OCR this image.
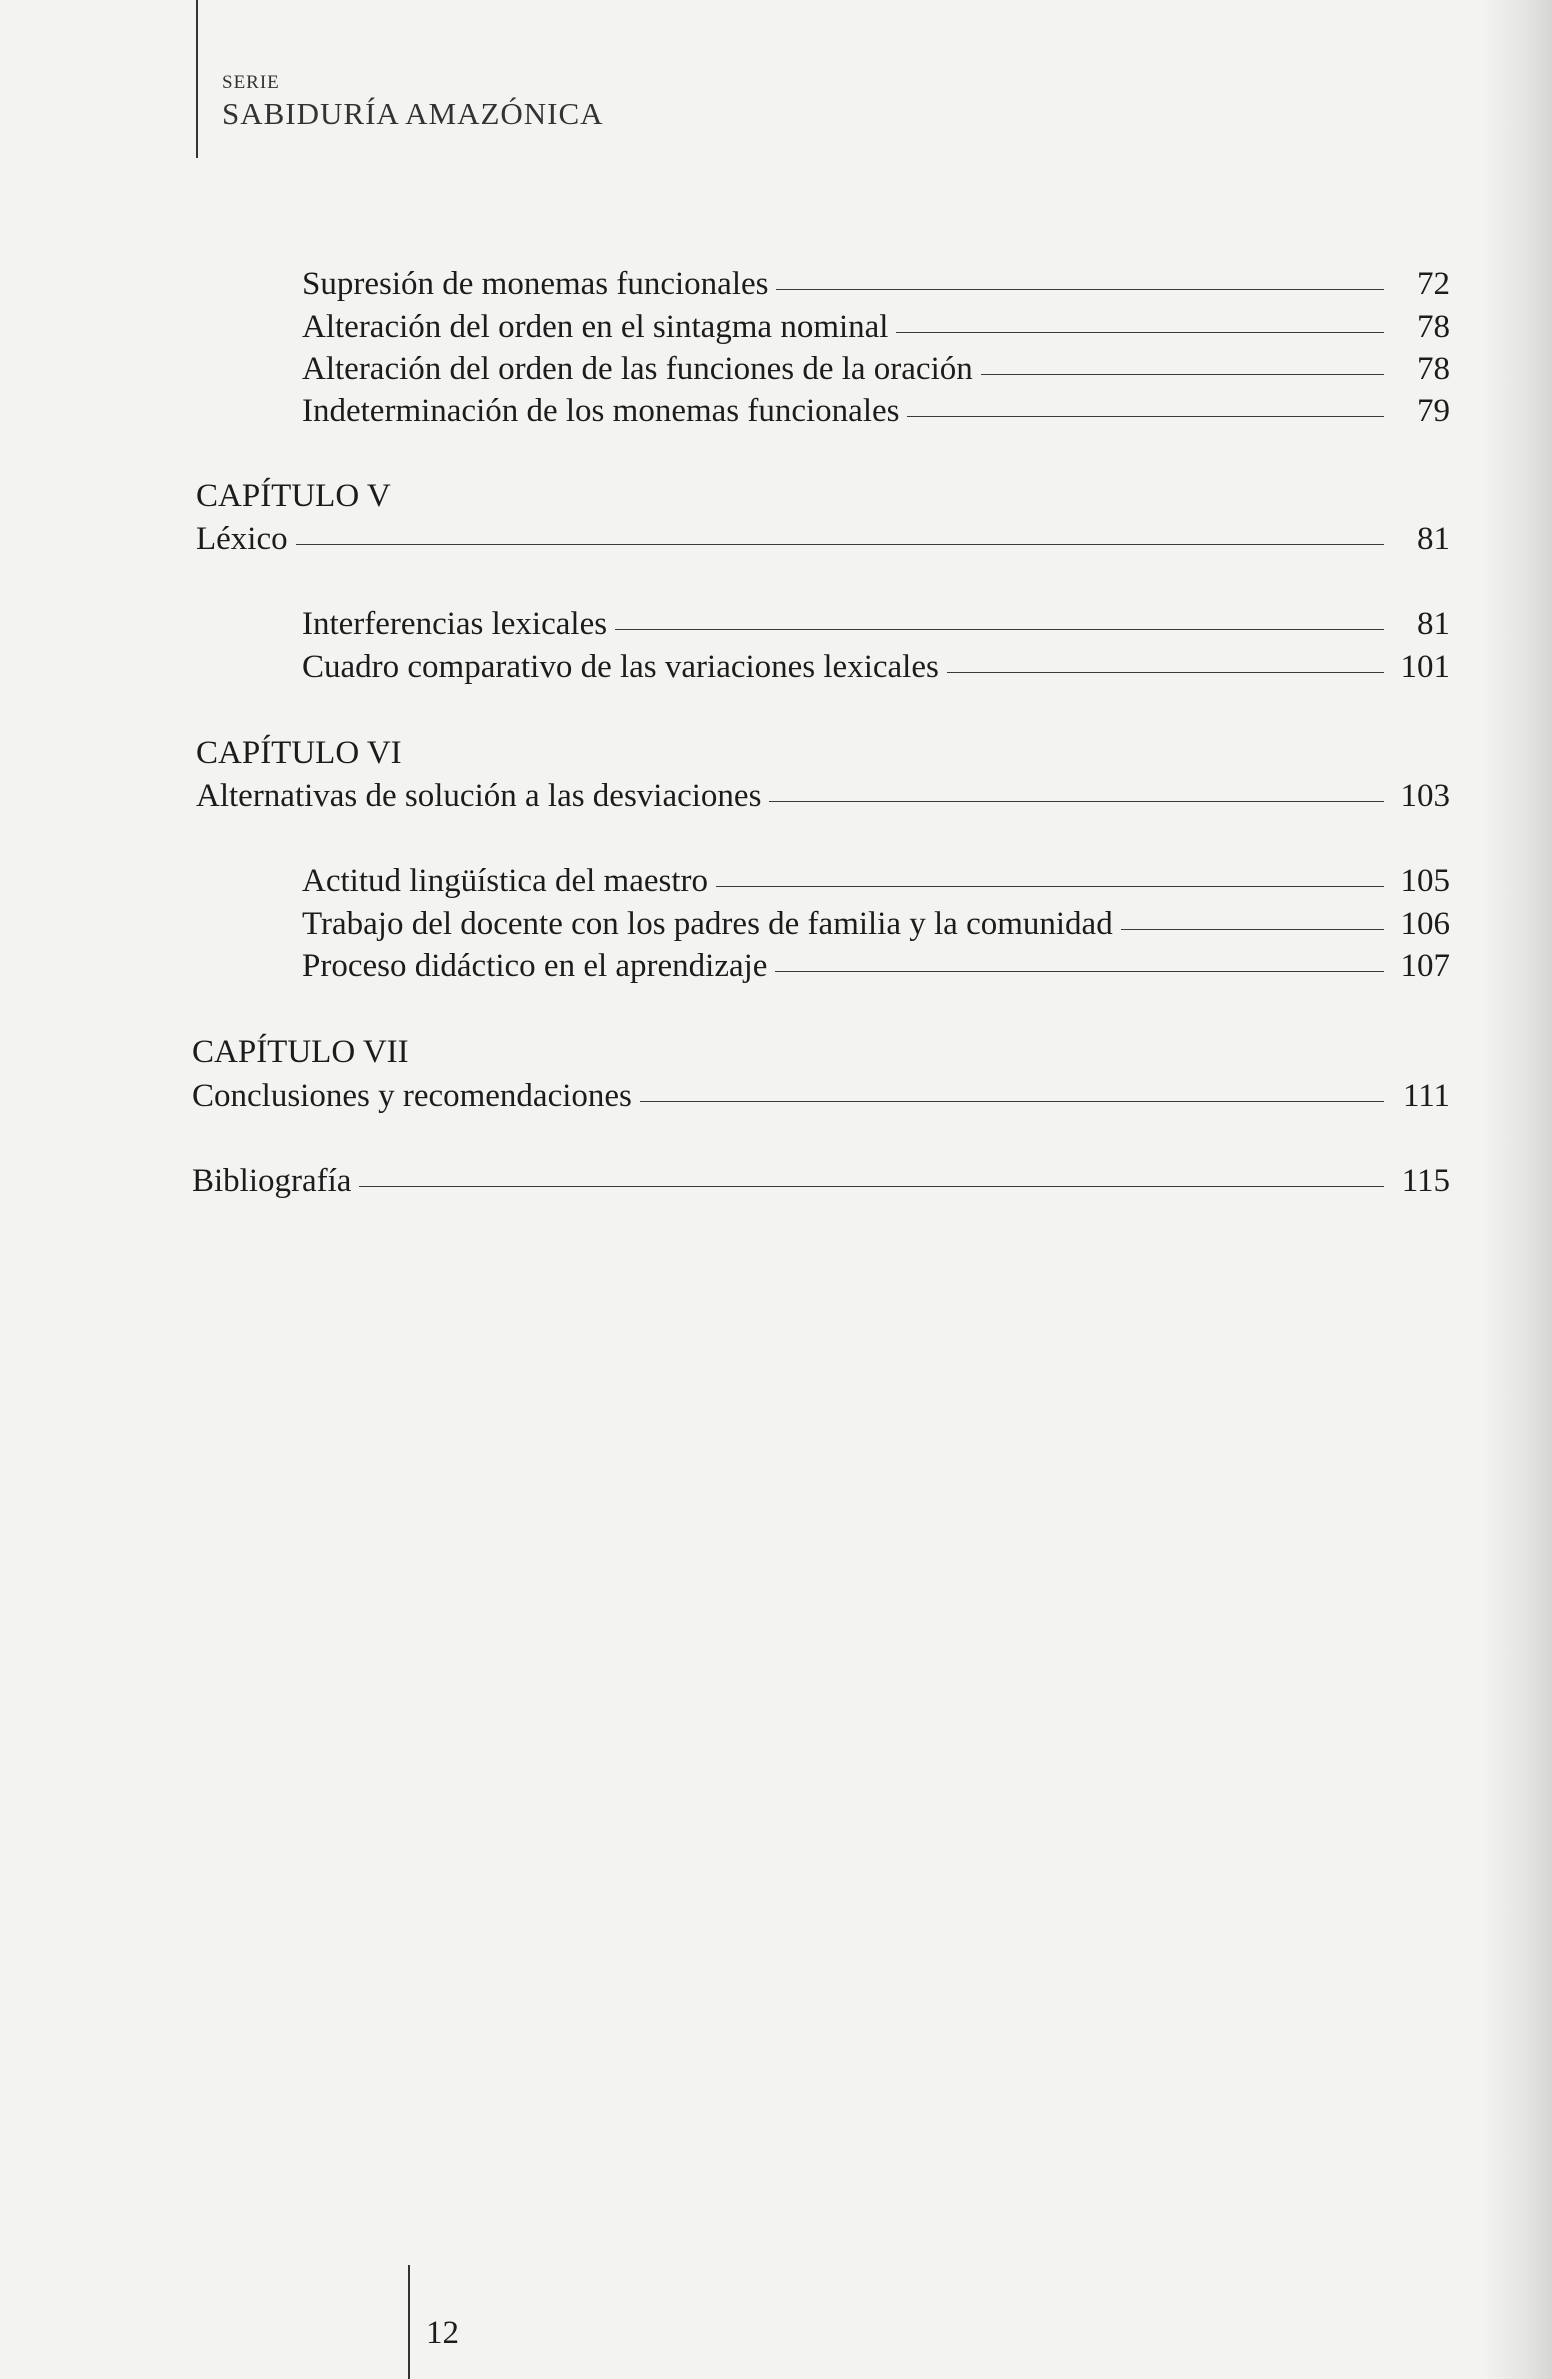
SERIE
SABIDURÍA AMAZÓNICA
Supresión de monemas funcionales	72
Alteración del orden en el sintagma nominal	78
Alteración del orden de las funciones de la oración	78
Indeterminación de los monemas funcionales	79
CAPÍTULO V
Léxico	81
Interferencias lexicales	81
Cuadro comparativo de las variaciones lexicales	101
CAPÍTULO VI
Alternativas de solución a las desviaciones	103
Actitud lingüística del maestro	105
Trabajo del docente con los padres de familia y la comunidad	106
Proceso didáctico en el aprendizaje	107
CAPÍTULO VII
Conclusiones y recomendaciones	111
Bibliografía	115
12
